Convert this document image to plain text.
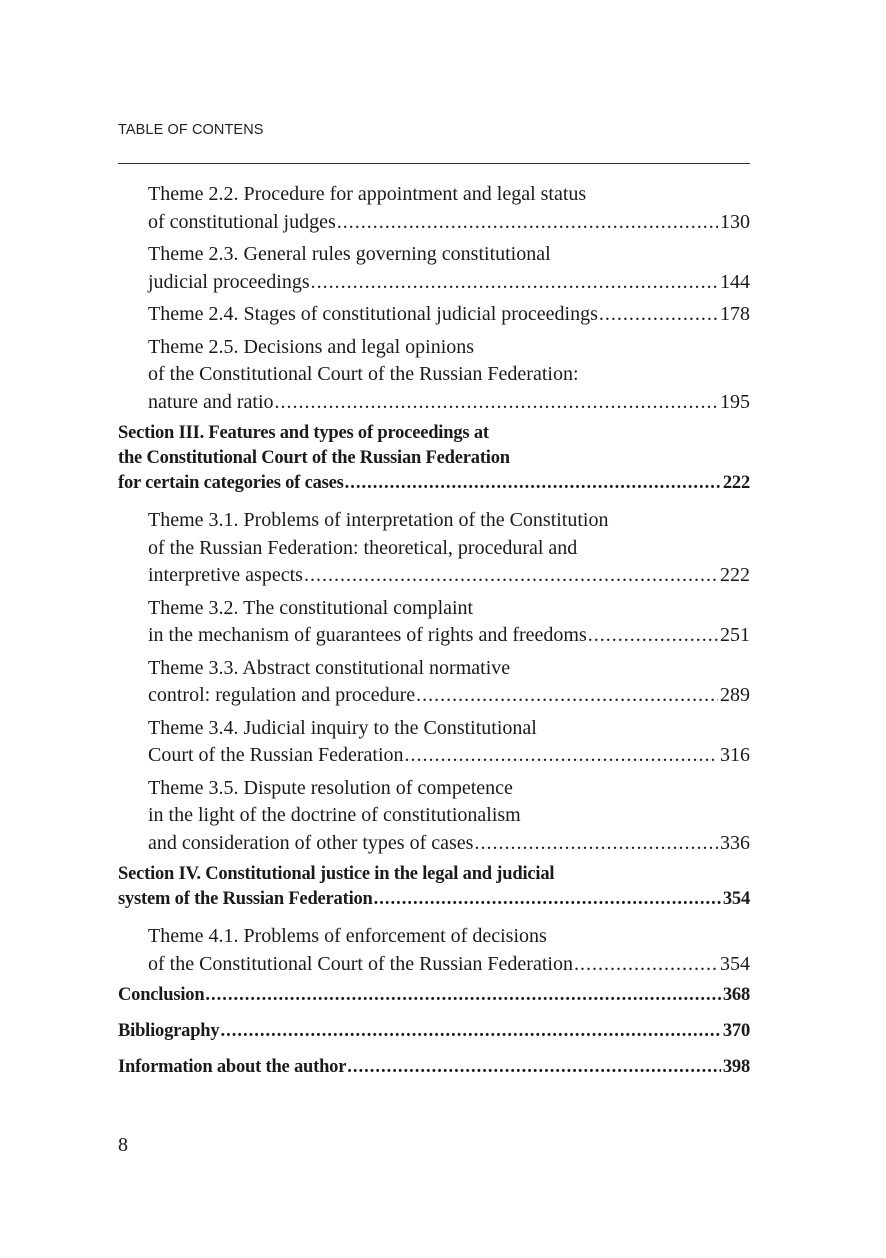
TABLE OF CONTENS
Theme 2.2. Procedure for appointment and legal status
of constitutional judges .....	130
Theme 2.3. General rules governing constitutional
judicial proceedings .....	144
Theme 2.4. Stages of constitutional judicial proceedings .....	178
Theme 2.5. Decisions and legal opinions
of the Constitutional Court of the Russian Federation:
nature and ratio .....	195
Section III. Features and types of proceedings at
the Constitutional Court of the Russian Federation
for certain categories of cases .....	222
Theme 3.1. Problems of interpretation of the Constitution
of the Russian Federation: theoretical, procedural and
interpretive aspects .....	222
Theme 3.2. The constitutional complaint
in the mechanism of guarantees of rights and freedoms .....	251
Theme 3.3. Abstract constitutional normative
control: regulation and procedure .....	289
Theme 3.4. Judicial inquiry to the Constitutional
Court of the Russian Federation .....	316
Theme 3.5. Dispute resolution of competence
in the light of the doctrine of constitutionalism
and consideration of other types of cases .....	336
Section IV. Constitutional justice in the legal and judicial
system of the Russian Federation .....	354
Theme 4.1. Problems of enforcement of decisions
of the Constitutional Court of the Russian Federation .....	354
Conclusion .....	368
Bibliography .....	370
Information about the author .....	398
8
